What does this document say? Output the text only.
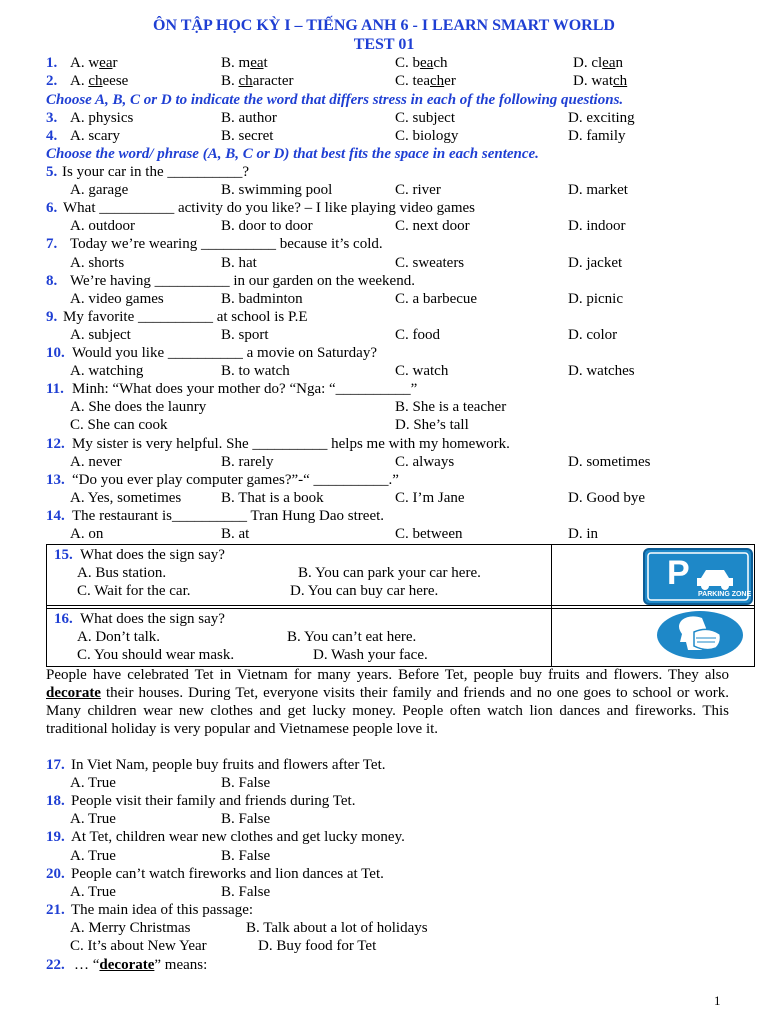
ÔN TẬP HỌC KỲ I – TIẾNG ANH 6 - I LEARN SMART WORLD
TEST 01
1. A. wear	B. meat	C. beach	D. clean
2. A. cheese	B. character	C. teacher	D. watch
Choose A, B, C or D to indicate the word that differs stress in each of the following questions.
3. A. physics	B. author	C. subject	D. exciting
4. A. scary	B. secret	C. biology	D. family
Choose the word/ phrase (A, B, C or D) that best fits the space in each sentence.
5. Is your car in the __________?
A. garage	B. swimming pool	C. river	D. market
6. What __________ activity do you like? – I like playing video games
A. outdoor	B. door to door	C. next door	D. indoor
7. Today we’re wearing __________ because it’s cold.
A. shorts	B. hat	C. sweaters	D. jacket
8. We’re having __________ in our garden on the weekend.
A. video games	B. badminton	C. a barbecue	D. picnic
9. My favorite __________ at school is P.E
A. subject	B. sport	C. food	D. color
10. Would you like __________ a movie on Saturday?
A. watching	B. to watch	C. watch	D. watches
11. Minh: “What does your mother do? “Nga: “__________”
A. She does the launry	B. She is a teacher
C. She can cook	D. She’s tall
12. My sister is very helpful. She __________ helps me with my homework.
A. never	B. rarely	C. always	D. sometimes
13. “Do you ever play computer games?”-“ __________.”
A. Yes, sometimes	B. That is a book	C. I’m Jane	D. Good bye
14. The restaurant is__________ Tran Hung Dao street.
A. on	B. at	C. between	D. in
15. What does the sign say?
A. Bus station.	B. You can park your car here.
C. Wait for the car.	D. You can buy car here.	P
PARKING ZONE
16. What does the sign say?
A. Don’t talk.	B. You can’t eat here.
C. You should wear mask.	D. Wash your face.
People have celebrated Tet in Vietnam for many years. Before Tet, people buy fruits and flowers. They also decorate their houses. During Tet, everyone visits their family and friends and no one goes to school or work. Many children wear new clothes and get lucky money. People often watch lion dances and fireworks. This traditional holiday is very popular and Vietnamese people love it.
17. In Viet Nam, people buy fruits and flowers after Tet.
A. True	B. False
18. People visit their family and friends during Tet.
A. True	B. False
19. At Tet, children wear new clothes and get lucky money.
A. True	B. False
20. People can’t watch fireworks and lion dances at Tet.
A. True	B. False
21. The main idea of this passage:
A. Merry Christmas	B. Talk about a lot of holidays
C. It’s about New Year	D. Buy food for Tet
22. … “decorate” means:
1
